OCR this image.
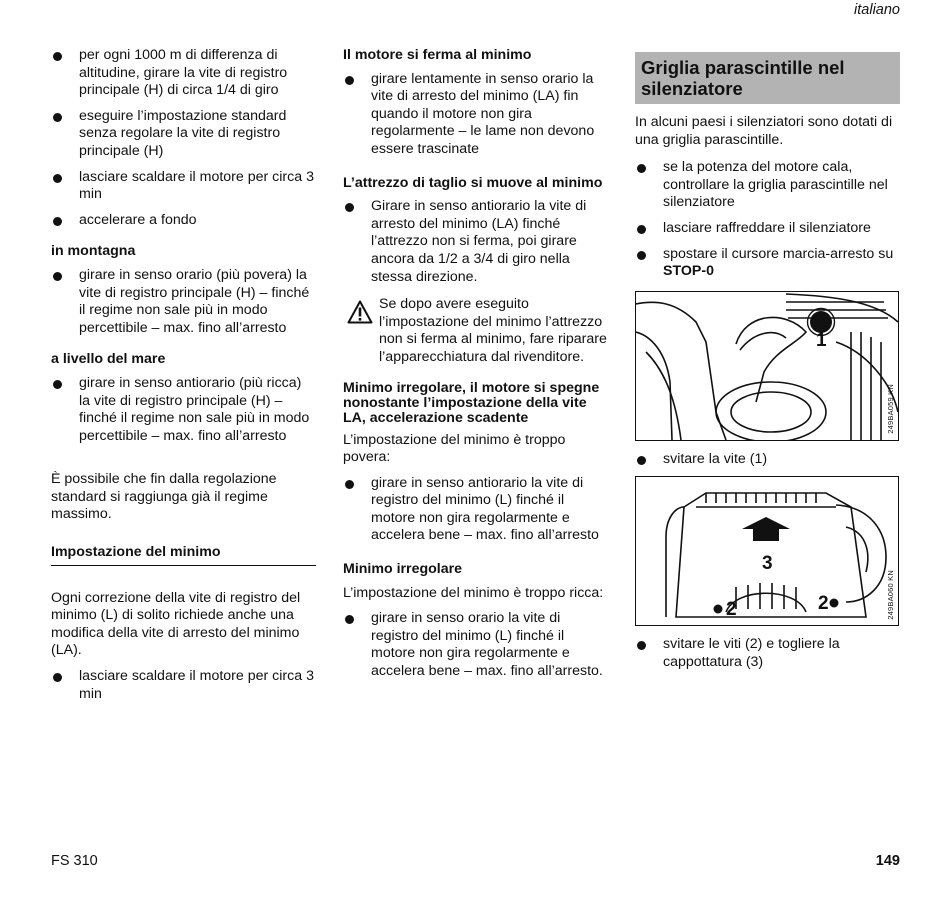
italiano
per ogni 1000 m di differenza di altitudine, girare la vite di registro principale (H) di circa 1/4 di giro
eseguire l’impostazione standard senza regolare la vite di registro principale (H)
lasciare scaldare il motore per circa 3 min
accelerare a fondo
in montagna
girare in senso orario (più povera) la vite di registro principale (H) – finché il regime non sale più in modo percettibile – max. fino all’arresto
a livello del mare
girare in senso antiorario (più ricca) la vite di registro principale (H) – finché il regime non sale più in modo percettibile – max. fino all’arresto

È possibile che fin dalla regolazione standard si raggiunga già il regime massimo.

Impostazione del minimo

Ogni correzione della vite di registro del minimo (L) di solito richiede anche una modifica della vite di arresto del minimo (LA).

lasciare scaldare il motore per circa 3 min
Il motore si ferma al minimo
girare lentamente in senso orario la vite di arresto del minimo (LA) fin quando il motore non gira regolarmente – le lame non devono essere trascinate
L’attrezzo di taglio si muove al minimo
Girare in senso antiorario la vite di arresto del minimo (LA) finché l’attrezzo non si ferma, poi girare ancora da 1/2 a 3/4 di giro nella stessa direzione.

Se dopo avere eseguito l’impostazione del minimo l’attrezzo non si ferma al minimo, fare riparare l’apparecchiatura dal rivenditore.

Minimo irregolare, il motore si spegne nonostante l’impostazione della vite LA, accelerazione scadente

L’impostazione del minimo è troppo povera:

girare in senso antiorario la vite di registro del minimo (L) finché il motore non gira regolarmente e accelera bene – max. fino all’arresto
Minimo irregolare

L’impostazione del minimo è troppo ricca:

girare in senso orario la vite di registro del minimo (L) finché il motore non gira regolarmente e accelera bene – max. fino all’arresto.
Griglia parascintille nel silenziatore

In alcuni paesi i silenziatori sono dotati di una griglia parascintille.

se la potenza del motore cala, controllare la griglia parascintille nel silenziatore
lasciare raffreddare il silenziatore
spostare il cursore marcia-arresto su STOP-0
1
249BA059 KN
svitare la vite (1)
3
2	2	249BA060 KN
svitare le viti (2) e togliere la cappottatura (3)
FS 310	149
